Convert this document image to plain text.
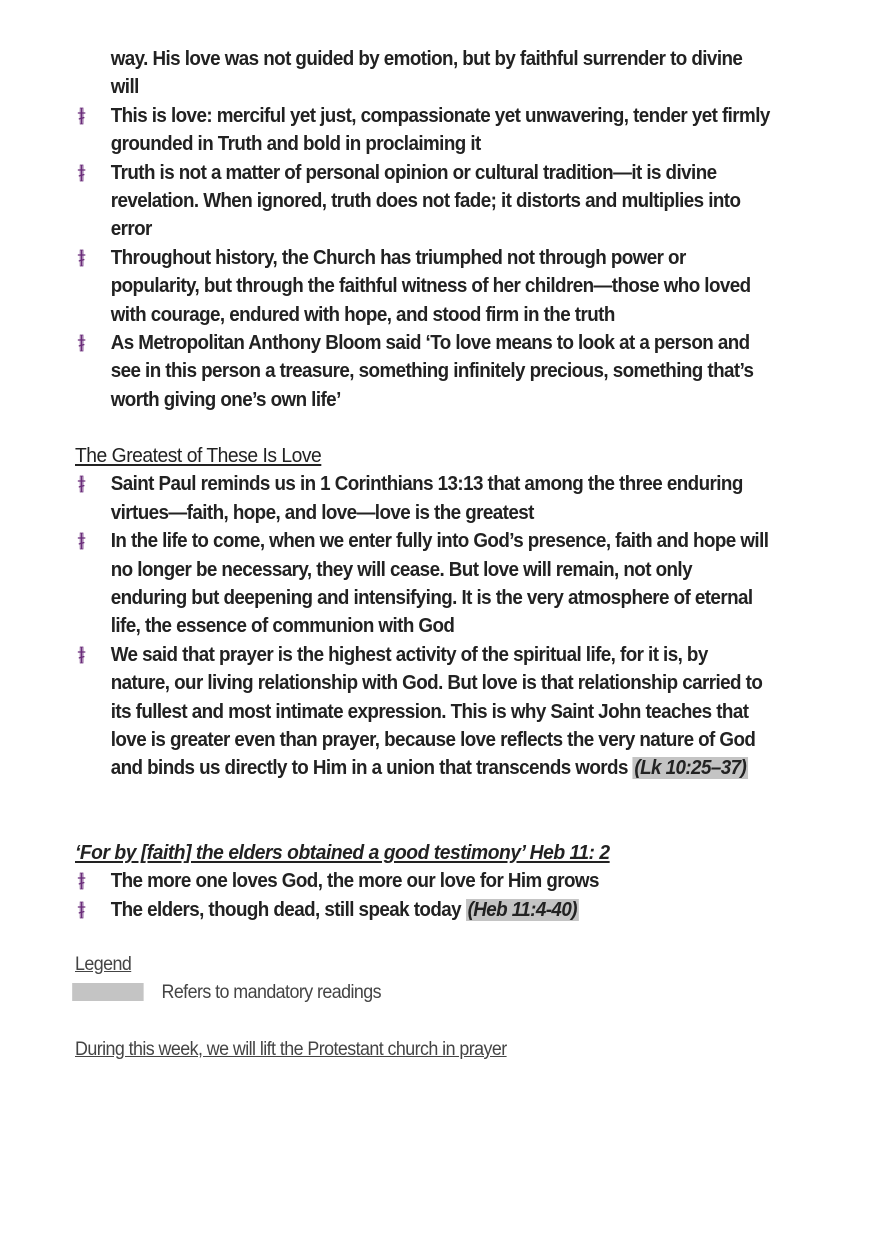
way. His love was not guided by emotion, but by faithful surrender to divine will
This is love: merciful yet just, compassionate yet unwavering, tender yet firmly grounded in Truth and bold in proclaiming it
Truth is not a matter of personal opinion or cultural tradition—it is divine revelation. When ignored, truth does not fade; it distorts and multiplies into error
Throughout history, the Church has triumphed not through power or popularity, but through the faithful witness of her children—those who loved with courage, endured with hope, and stood firm in the truth
As Metropolitan Anthony Bloom said ‘To love means to look at a person and see in this person a treasure, something infinitely precious, something that’s worth giving one’s own life’
The Greatest of These Is Love
Saint Paul reminds us in 1 Corinthians 13:13 that among the three enduring virtues—faith, hope, and love—love is the greatest
In the life to come, when we enter fully into God’s presence, faith and hope will no longer be necessary, they will cease. But love will remain, not only enduring but deepening and intensifying. It is the very atmosphere of eternal life, the essence of communion with God
We said that prayer is the highest activity of the spiritual life, for it is, by nature, our living relationship with God. But love is that relationship carried to its fullest and most intimate expression. This is why Saint John teaches that love is greater even than prayer, because love reflects the very nature of God and binds us directly to Him in a union that transcends words (Lk 10:25–37)
‘For by [faith] the elders obtained a good testimony’ Heb 11: 2
The more one loves God, the more our love for Him grows
The elders, though dead, still speak today (Heb 11:4-40)
Legend
Refers to mandatory readings
During this week, we will lift the Protestant church in prayer
